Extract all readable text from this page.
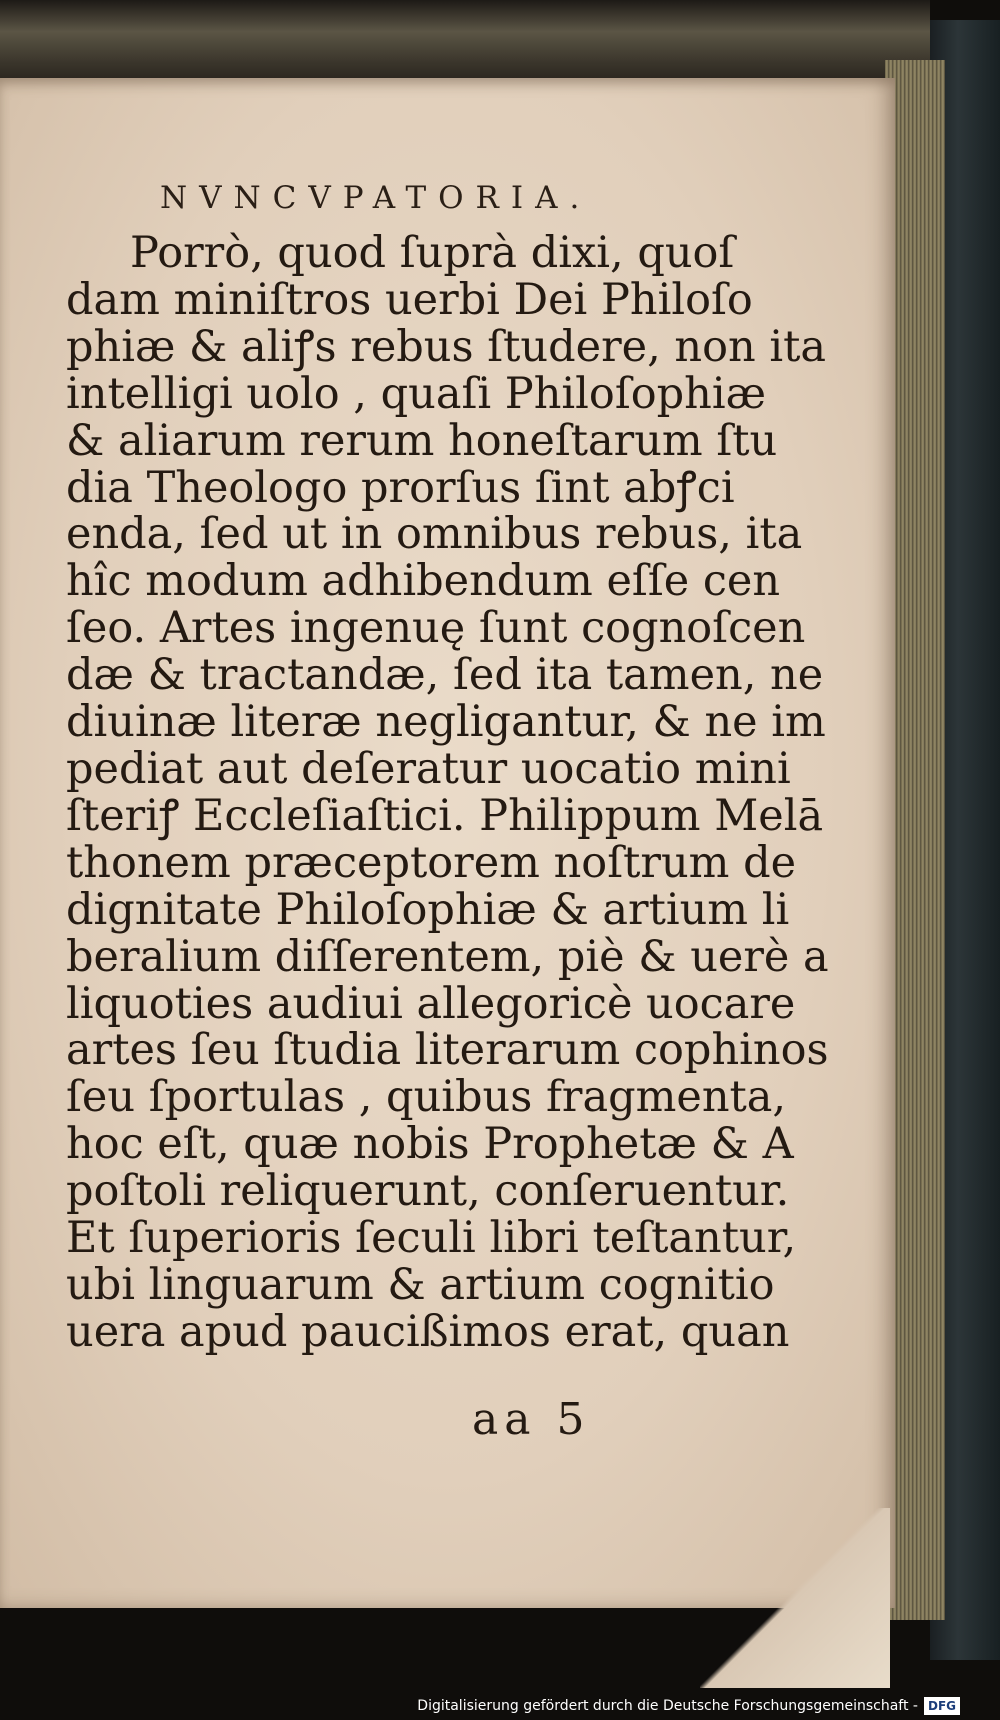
NVNCVPATORIA.
Porrò, quod ſuprà dixi, quoſ
dam miniſtros uerbi Dei Philoſo
phiæ & aliꝭs rebus ſtudere, non ita
intelligi uolo , quaſi Philoſophiæ
& aliarum rerum honeſtarum ſtu
dia Theologo prorſus ſint abꝭci
enda, ſed ut in omnibus rebus, ita
hîc modum adhibendum eſſe cen
ſeo. Artes ingenuę ſunt cognoſcen
dæ & tractandæ, ſed ita tamen, ne
diuinæ literæ negligantur, & ne im
pediat aut deſeratur uocatio mini
ſteriꝭ Eccleſiaſtici. Philippum Melā
thonem præceptorem noſtrum de
dignitate Philoſophiæ & artium li
beralium diſſerentem, piè & uerè a
liquoties audiui allegoricè uocare
artes ſeu ſtudia literarum cophinos
ſeu ſportulas , quibus fragmenta,
hoc eſt, quæ nobis Prophetæ & A
poſtoli reliquerunt, conſeruentur.
Et ſuperioris ſeculi libri teſtantur,
ubi linguarum & artium cognitio
uera apud paucißimos erat, quan
aa 5
Digitalisierung gefördert durch die Deutsche Forschungsgemeinschaft - DFG
